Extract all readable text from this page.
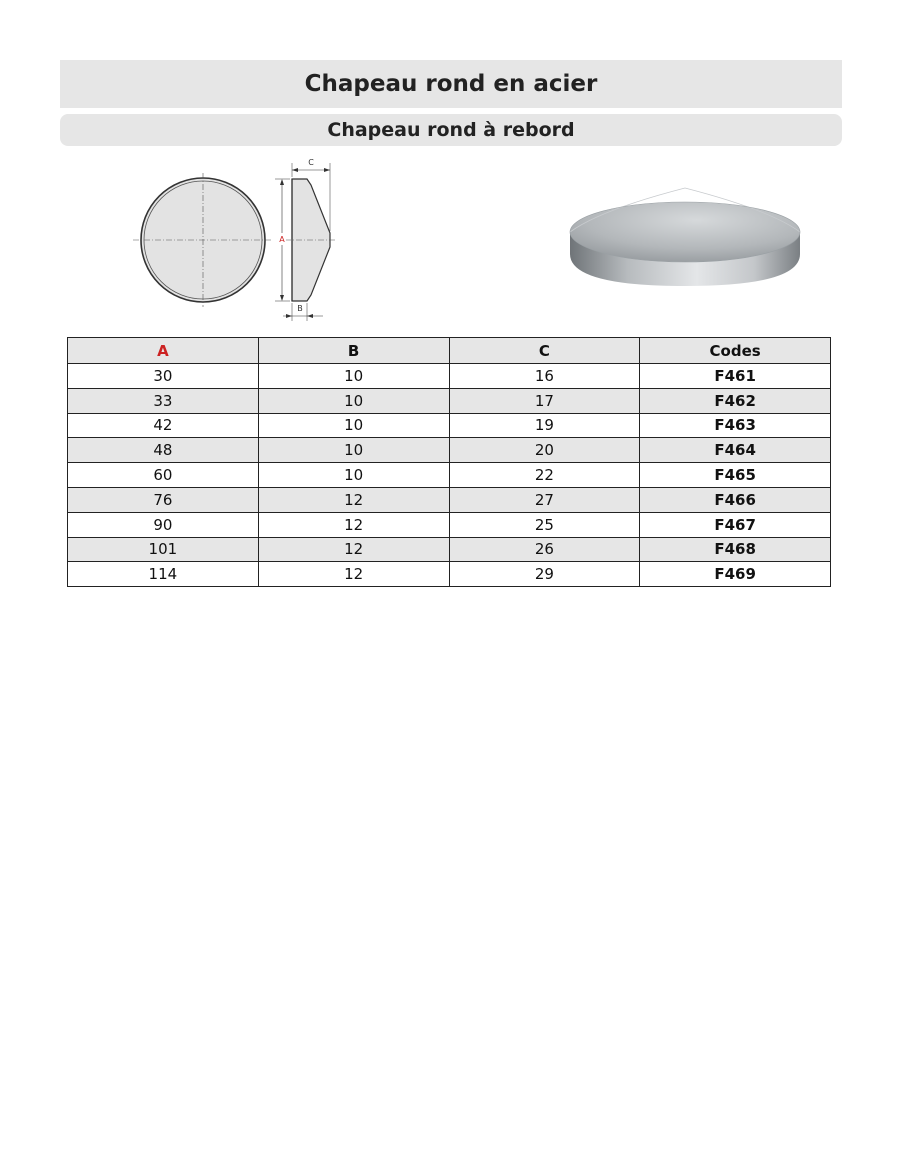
Chapeau rond en acier
Chapeau rond à rebord
A
C
B
A	B	C	Codes
30	10	16	F461
33	10	17	F462
42	10	19	F463
48	10	20	F464
60	10	22	F465
76	12	27	F466
90	12	25	F467
101	12	26	F468
114	12	29	F469
